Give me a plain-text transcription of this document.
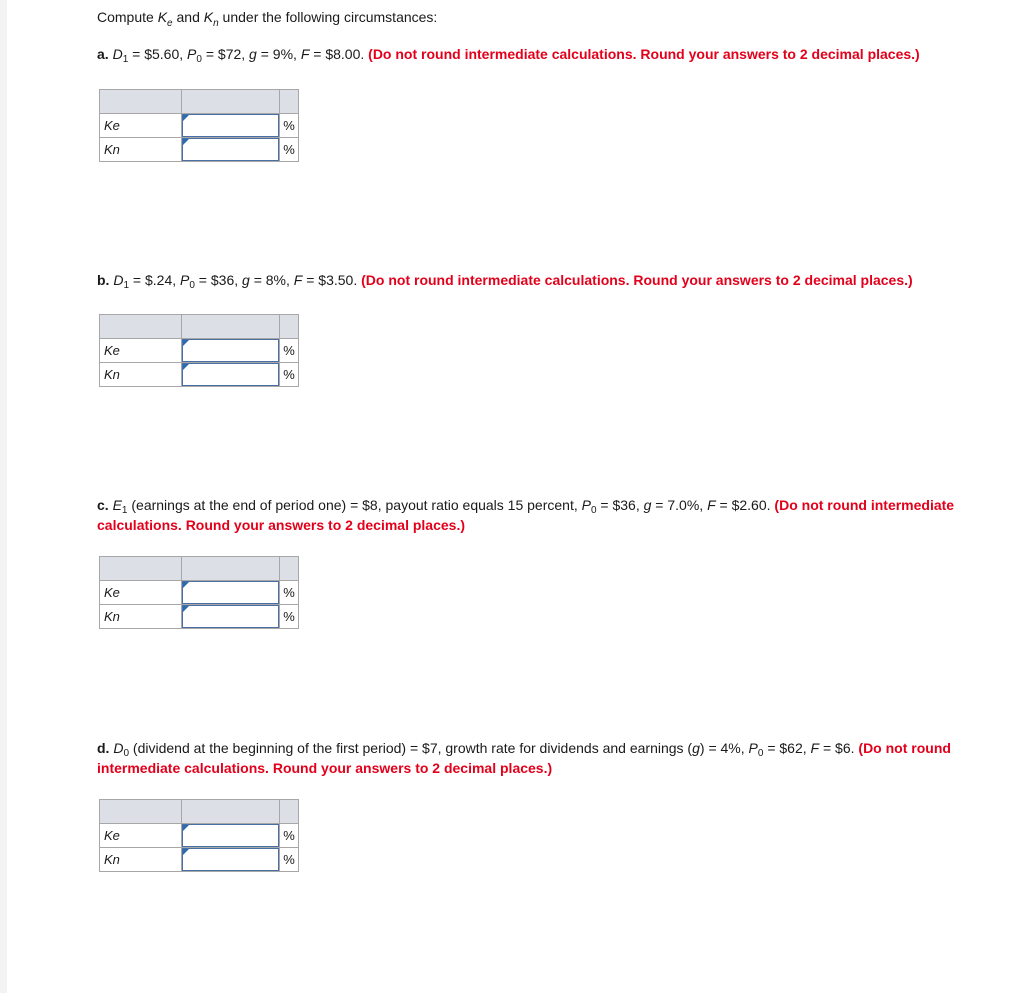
Compute $K_e$ and $K_n$ under the following circumstances:
a. $D_1$ = $5.60, $P_0$ = $72, g = 9%, F = $8.00. (Do not round intermediate calculations. Round your answers to 2 decimal places.)

Ke		%
Kn		%
b. $D_1$ = $.24, $P_0$ = $36, g = 8%, F = $3.50. (Do not round intermediate calculations. Round your answers to 2 decimal places.)

Ke		%
Kn		%
c. $E_1$ (earnings at the end of period one) = $8, payout ratio equals 15 percent, $P_0$ = $36, g = 7.0%, F = $2.60. (Do not round intermediate calculations. Round your answers to 2 decimal places.)

Ke		%
Kn		%
d. $D_0$ (dividend at the beginning of the first period) = $7, growth rate for dividends and earnings (g) = 4%, $P_0$ = $62, F = $6. (Do not round intermediate calculations. Round your answers to 2 decimal places.)

Ke		%
Kn		%
